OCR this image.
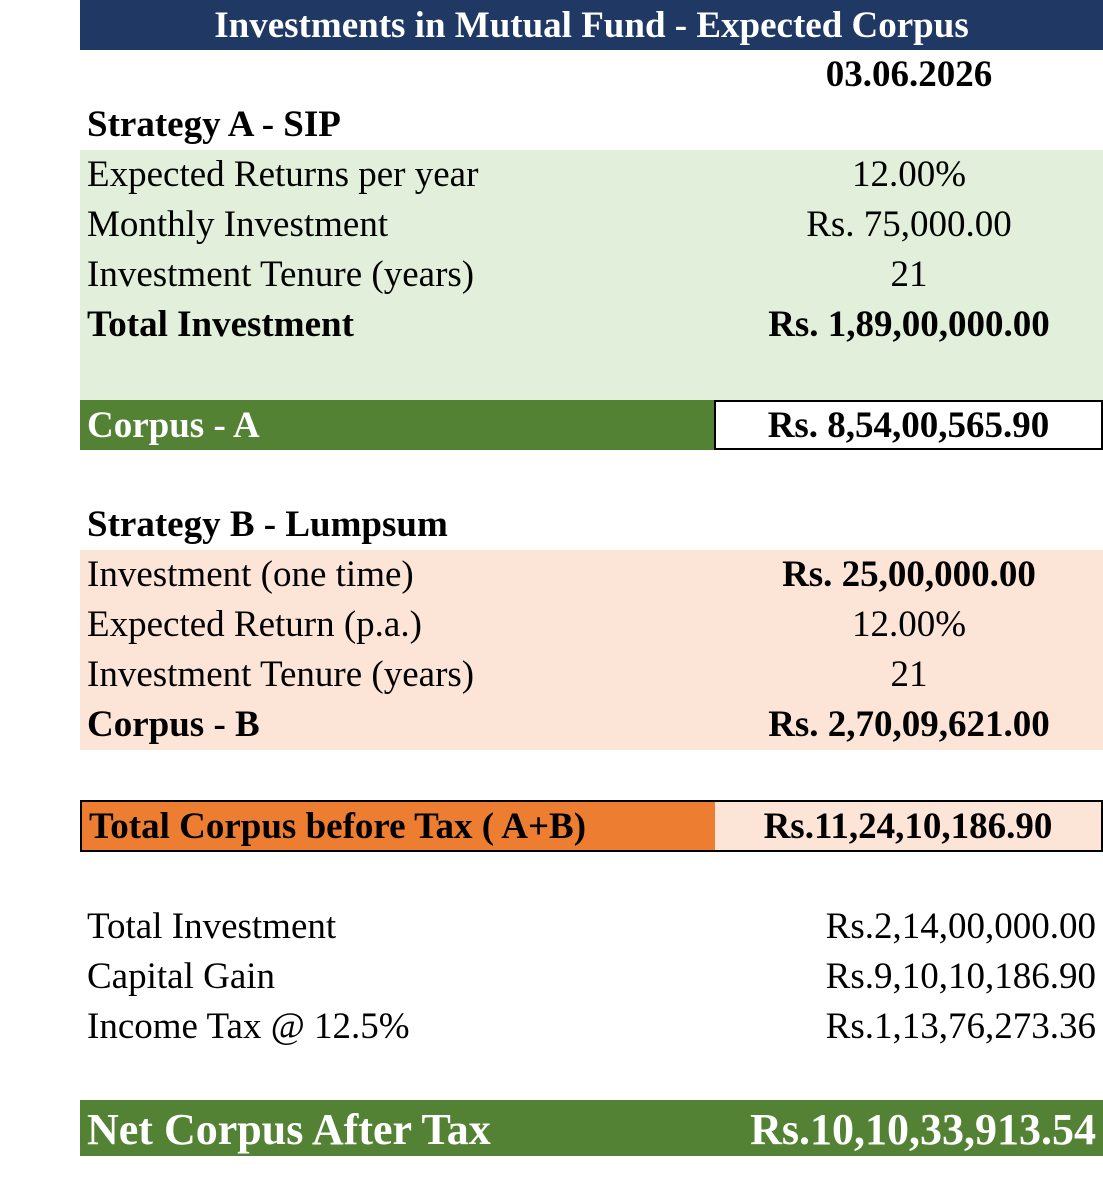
Investments in Mutual Fund - Expected Corpus
03.06.2026
Strategy A - SIP
Expected Returns per year	12.00%
Monthly Investment	Rs. 75,000.00
Investment Tenure (years)	21
Total Investment	Rs. 1,89,00,000.00
Corpus - A	Rs. 8,54,00,565.90
Strategy B - Lumpsum
Investment (one time)	Rs. 25,00,000.00
Expected Return (p.a.)	12.00%
Investment Tenure (years)	21
Corpus - B	Rs. 2,70,09,621.00
Total Corpus before Tax ( A+B)	Rs.11,24,10,186.90
Total Investment	Rs.2,14,00,000.00
Capital Gain	Rs.9,10,10,186.90
Income Tax @ 12.5%	Rs.1,13,76,273.36
Net Corpus After Tax	Rs.10,10,33,913.54
